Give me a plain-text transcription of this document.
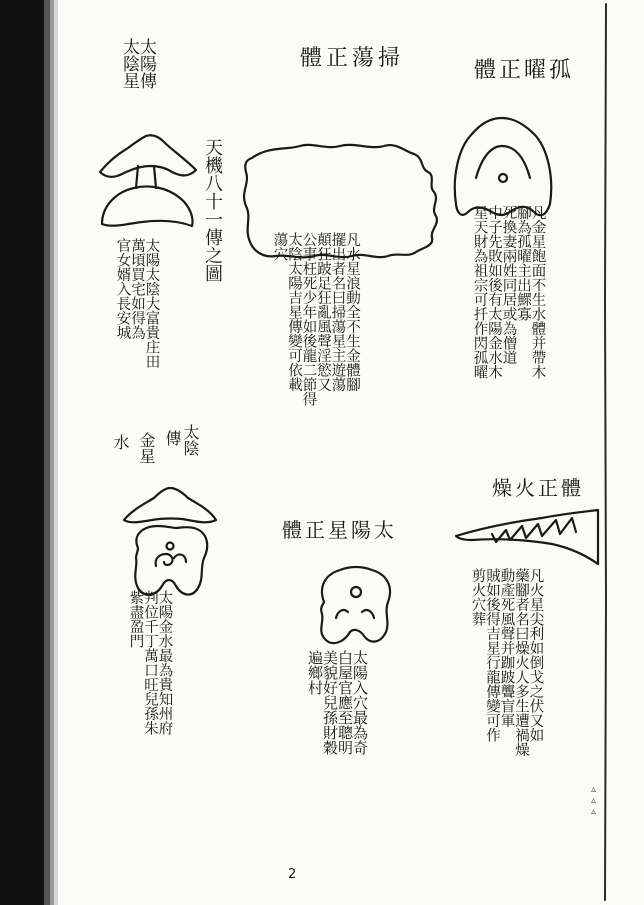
體正曜孤
凡金星飽面不生水體并帶木
腳為孤曜主出鰥寡
死換妻兩姓同居或為僧道
中子先敗如後有太陽金水木
星天財為祖宗可扦作閃孤曜
體正蕩掃
凡水星浪動全不生金體腳
擺出者名曰掃蕩星主遊蕩
顛狂跛足狂亂風聲淫慾又
公事枉死少年如後龍二節得
太陰太陽吉星傳變可依載
蕩穴
太陽傳
太陰星
天機八十一傳之圖
太陽太陰大富貴庄田
萬頃買宅如得為
官女婿入長安城
太陰
傳
金星
水
太陽金水最為貴知州府
判位千丁萬口旺兒孫朱
紫盡盈門
體正星陽太
太陽入穴最為奇
白屋官應至聰明
美貌好兒孫財穀
遍鄉村
燥火正體
凡火星尖利如倒戈之伏又如
藥腳者名曰燥火人多生遭禍燥
動產死風聲并跏跛聾盲軍
賊如後得吉星行龍傳變可作
剪火穴葬
▵▵▵
2
